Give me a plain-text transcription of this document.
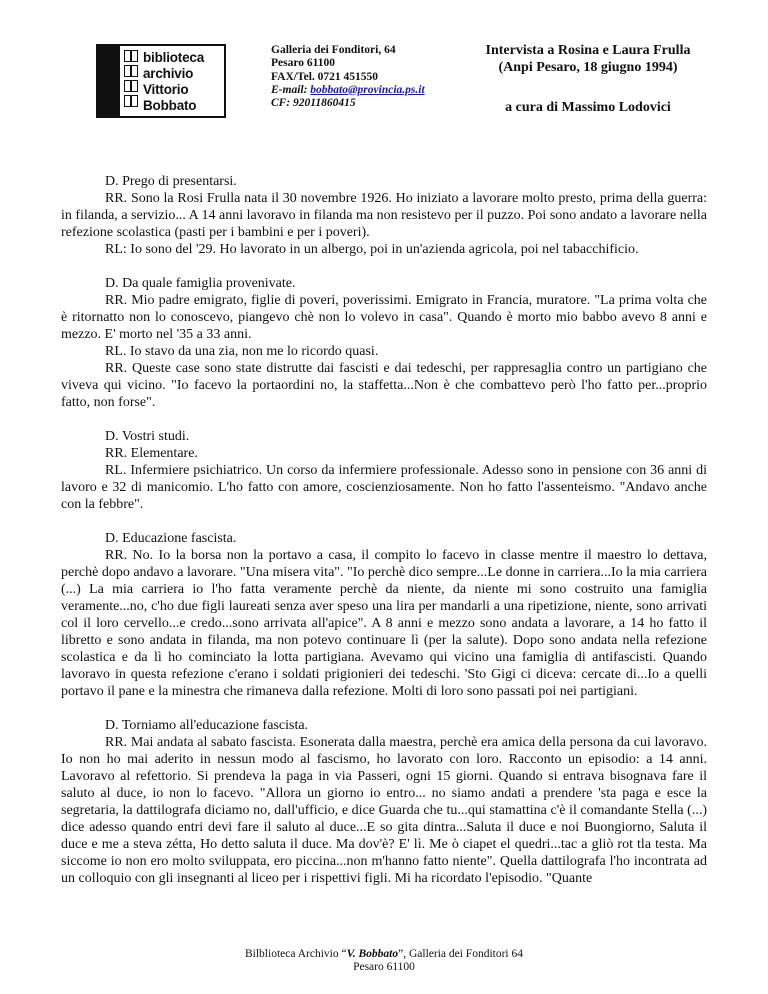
biblioteca
archivio
Vittorio
Bobbato
Galleria dei Fonditori, 64
Pesaro 61100
FAX/Tel. 0721 451550
E-mail: bobbato@provincia.ps.it
CF: 92011860415
Intervista a Rosina e Laura Frulla
(Anpi Pesaro, 18 giugno 1994)
a cura di Massimo Lodovici

D. Prego di presentarsi.

RR. Sono la Rosi Frulla nata il 30 novembre 1926. Ho iniziato a lavorare molto presto, prima della guerra: in filanda, a servizio... A 14 anni lavoravo in filanda ma non resistevo per il puzzo. Poi sono andato a lavorare nella refezione scolastica (pasti per i bambini e per i poveri).

RL: Io sono del '29. Ho lavorato in un albergo, poi in un'azienda agricola, poi nel tabacchificio.

D. Da quale famiglia provenivate.

RR. Mio padre emigrato, figlie di poveri, poverissimi. Emigrato in Francia, muratore. "La prima volta che è ritornatto non lo conoscevo, piangevo chè non lo volevo in casa". Quando è morto mio babbo avevo 8 anni e mezzo. E' morto nel '35 a 33 anni.

RL. Io stavo da una zia, non me lo ricordo quasi.

RR. Queste case sono state distrutte dai fascisti e dai tedeschi, per rappresaglia contro un partigiano che viveva qui vicino. "Io facevo la portaordini no, la staffetta...Non è che combattevo però l'ho fatto per...proprio fatto, non forse".

D. Vostri studi.

RR. Elementare.

RL. Infermiere psichiatrico. Un corso da infermiere professionale. Adesso sono in pensione con 36 anni di lavoro e 32 di manicomio. L'ho fatto con amore, coscienziosamente. Non ho fatto l'assenteismo. "Andavo anche con la febbre".

D. Educazione fascista.

RR. No. Io la borsa non la portavo a casa, il compito lo facevo in classe mentre il maestro lo dettava, perchè dopo andavo a lavorare. "Una misera vita". "Io perchè dico sempre...Le donne in carriera...Io la mia carriera (...) La mia carriera io l'ho fatta veramente perchè da niente, da niente mi sono costruito una famiglia veramente...no, c'ho due figli laureati senza aver speso una lira per mandarli a una ripetizione, niente, sono arrivati col il loro cervello...e credo...sono arrivata all'apice". A 8 anni e mezzo sono andata a lavorare, a 14 ho fatto il libretto e sono andata in filanda, ma non potevo continuare lì (per la salute). Dopo sono andata nella refezione scolastica e da lì ho cominciato la lotta partigiana. Avevamo qui vicino una famiglia di antifascisti. Quando lavoravo in questa refezione c'erano i soldati prigionieri dei tedeschi. 'Sto Gigi ci diceva: cercate di...Io a quelli portavo il pane e la minestra che rimaneva dalla refezione. Molti di loro sono passati poi nei partigiani.

D. Torniamo all'educazione fascista.

RR. Mai andata al sabato fascista. Esonerata dalla maestra, perchè era amica della persona da cui lavoravo. Io non ho mai aderito in nessun modo al fascismo, ho lavorato con loro. Racconto un episodio: a 14 anni. Lavoravo al refettorio. Si prendeva la paga in via Passeri, ogni 15 giorni. Quando si entrava bisognava fare il saluto al duce, io non lo facevo. "Allora un giorno io entro... no siamo andati a prendere 'sta paga e esce la segretaria, la dattilografa diciamo no, dall'ufficio, e dice Guarda che tu...qui stamattina c'è il comandante Stella (...) dice adesso quando entri devi fare il saluto al duce...E so gita dintra...Saluta il duce e noi Buongiorno, Saluta il duce e me a steva zétta, Ho detto saluta il duce. Ma dov'è? E' lì. Me ò ciapet el quedri...tac a gliò rot tla testa. Ma siccome io non ero molto sviluppata, ero piccina...non m'hanno fatto niente". Quella dattilografa l'ho incontrata ad un colloquio con gli insegnanti al liceo per i rispettivi figli. Mi ha ricordato l'episodio. "Quante

Bilblioteca Archivio “V. Bobbato”, Galleria dei Fonditori 64
Pesaro 61100
